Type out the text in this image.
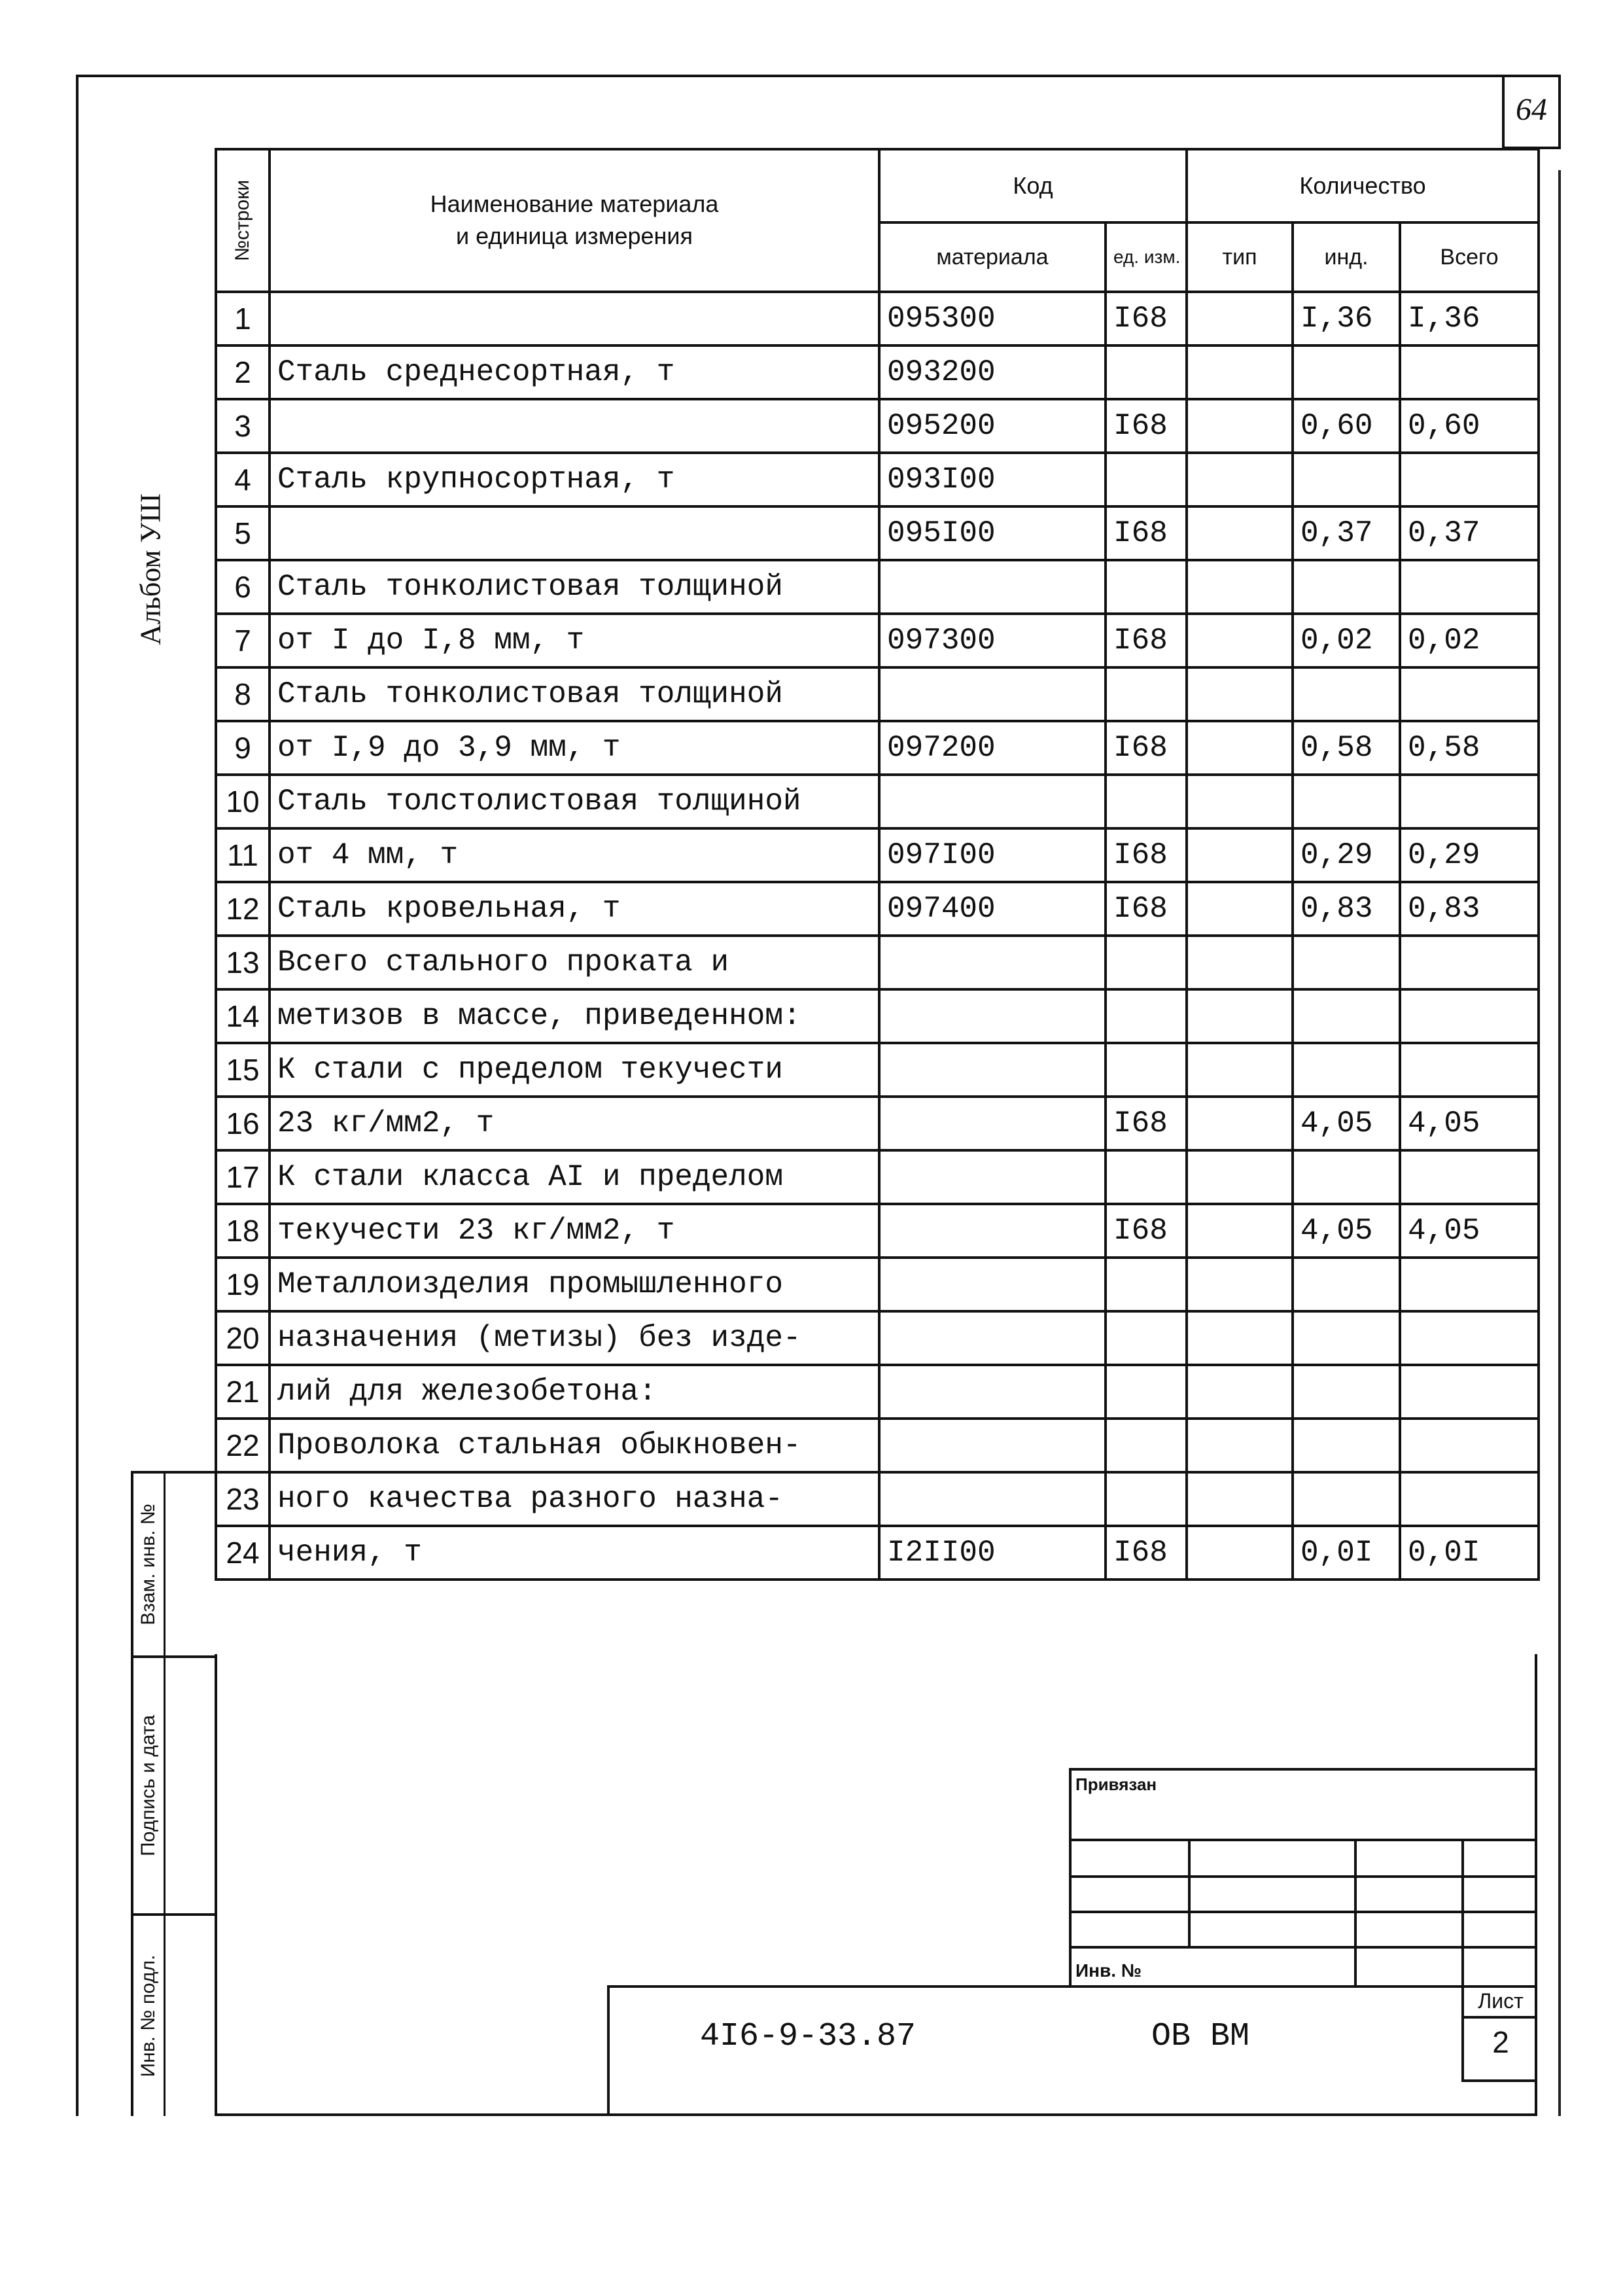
64
Альбом УШ
№строки	Наименование материала
и единица измерения	Код		Количество		
		материала	ед. изм.	тип	инд.	Всего
1		095300	I68		I,36	I,36
2	Сталь среднесортная, т	093200				
3		095200	I68		0,60	0,60
4	Сталь крупносортная, т	093I00				
5		095I00	I68		0,37	0,37
6	Сталь тонколистовая толщиной					
7	от I до I,8 мм, т	097300	I68		0,02	0,02
8	Сталь тонколистовая толщиной					
9	от I,9 до 3,9 мм, т	097200	I68		0,58	0,58
10	Сталь толстолистовая толщиной					
11	от 4 мм, т	097I00	I68		0,29	0,29
12	Сталь кровельная, т	097400	I68		0,83	0,83
13	Всего стального проката и					
14	метизов в массе, приведенном:					
15	К стали с пределом текучести					
16	23 кг/мм2, т		I68		4,05	4,05
17	К стали класса АI и пределом					
18	текучести 23 кг/мм2, т		I68		4,05	4,05
19	Металлоизделия промышленного					
20	назначения (метизы) без изде-					
21	лий для железобетона:					
22	Проволока стальная обыкновен-					
23	ного качества разного назна-					
24	чения, т	I2II00	I68		0,0I	0,0I
Взам. инв. №
Подпись и дата
Инв. № подл.
Привязан
Инв. №
4I6-9-33.87	ОВ ВМ
Лист
2
